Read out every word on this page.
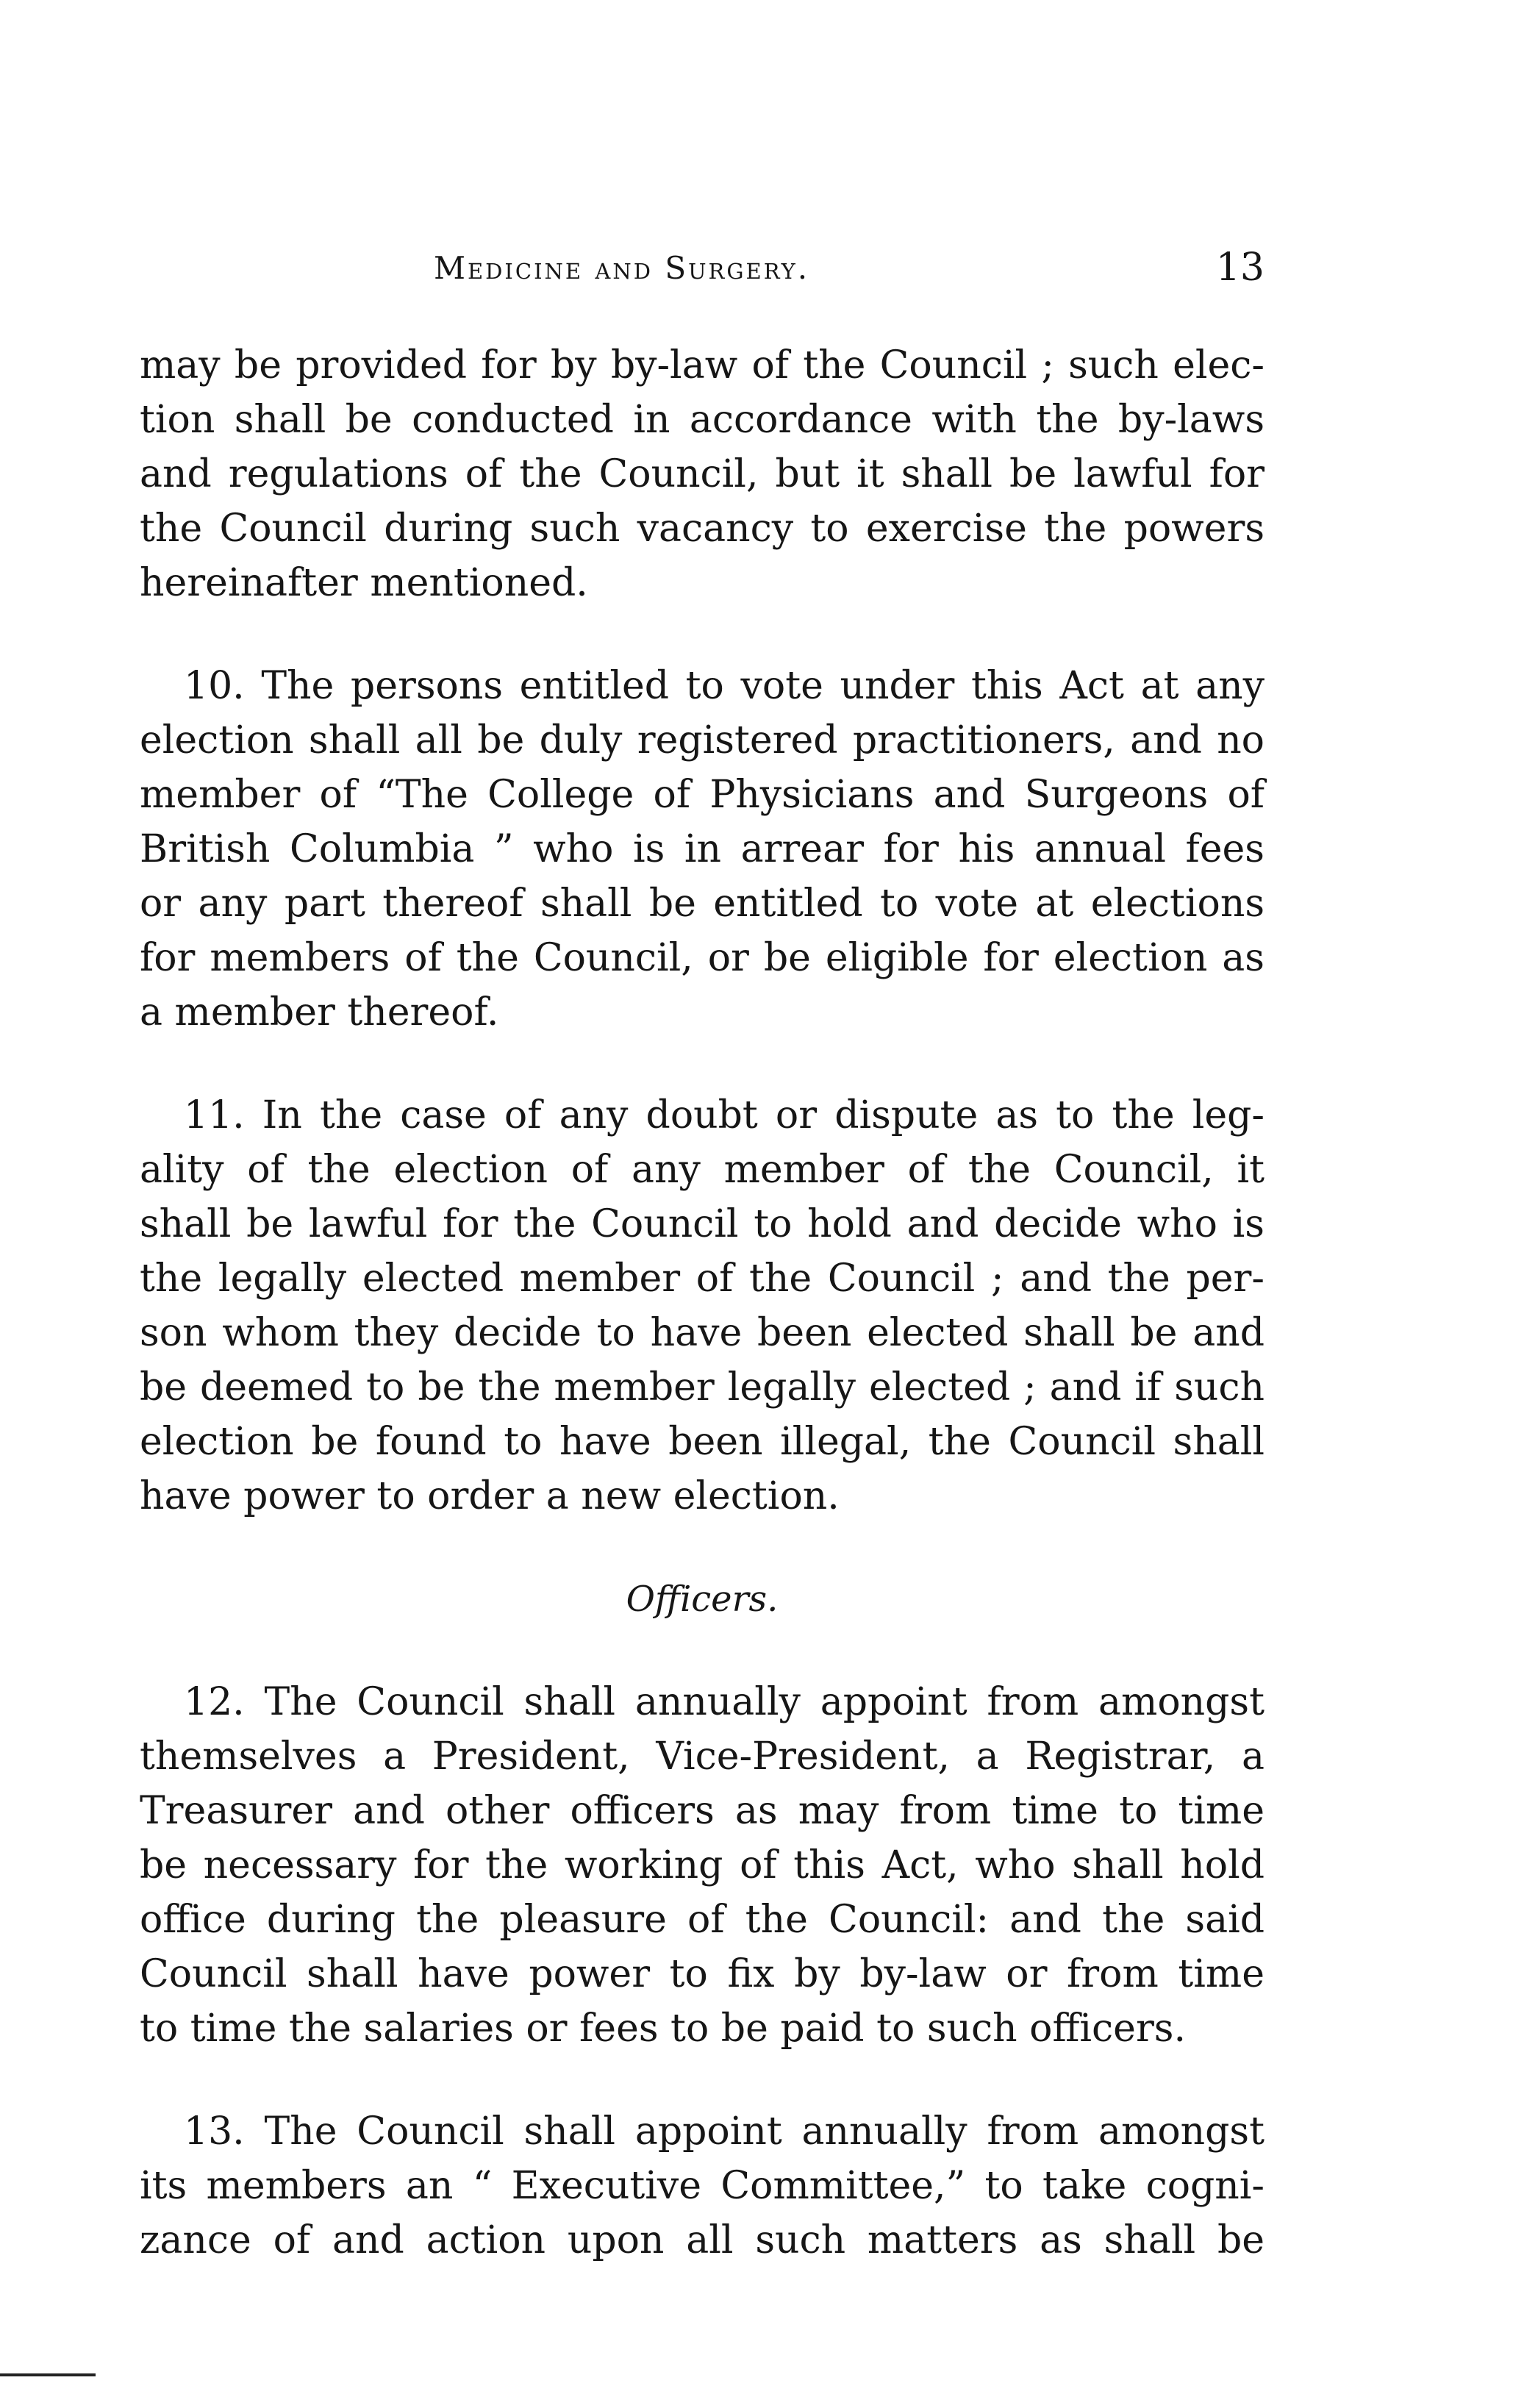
Medicine and Surgery.	13

may be provided for by by-law of the Council ; such elec-
tion shall be conducted in accordance with the by-laws
and regulations of the Council, but it shall be lawful for
the Council during such vacancy to exercise the powers
hereinafter mentioned.

10. The persons entitled to vote under this Act at any
election shall all be duly registered practitioners, and no
member of “The College of Physicians and Surgeons of
British Columbia ” who is in arrear for his annual fees
or any part thereof shall be entitled to vote at elections
for members of the Council, or be eligible for election as
a member thereof.

11. In the case of any doubt or dispute as to the leg-
ality of the election of any member of the Council, it
shall be lawful for the Council to hold and decide who is
the legally elected member of the Council ; and the per-
son whom they decide to have been elected shall be and
be deemed to be the member legally elected ; and if such
election be found to have been illegal, the Council shall
have power to order a new election.

Officers.

12. The Council shall annually appoint from amongst
themselves a President, Vice-President, a Registrar, a
Treasurer and other officers as may from time to time
be necessary for the working of this Act, who shall hold
office during the pleasure of the Council: and the said
Council shall have power to fix by by-law or from time
to time the salaries or fees to be paid to such officers.

13. The Council shall appoint annually from amongst
its members an “ Executive Committee,” to take cogni-
zance of and action upon all such matters as shall be
